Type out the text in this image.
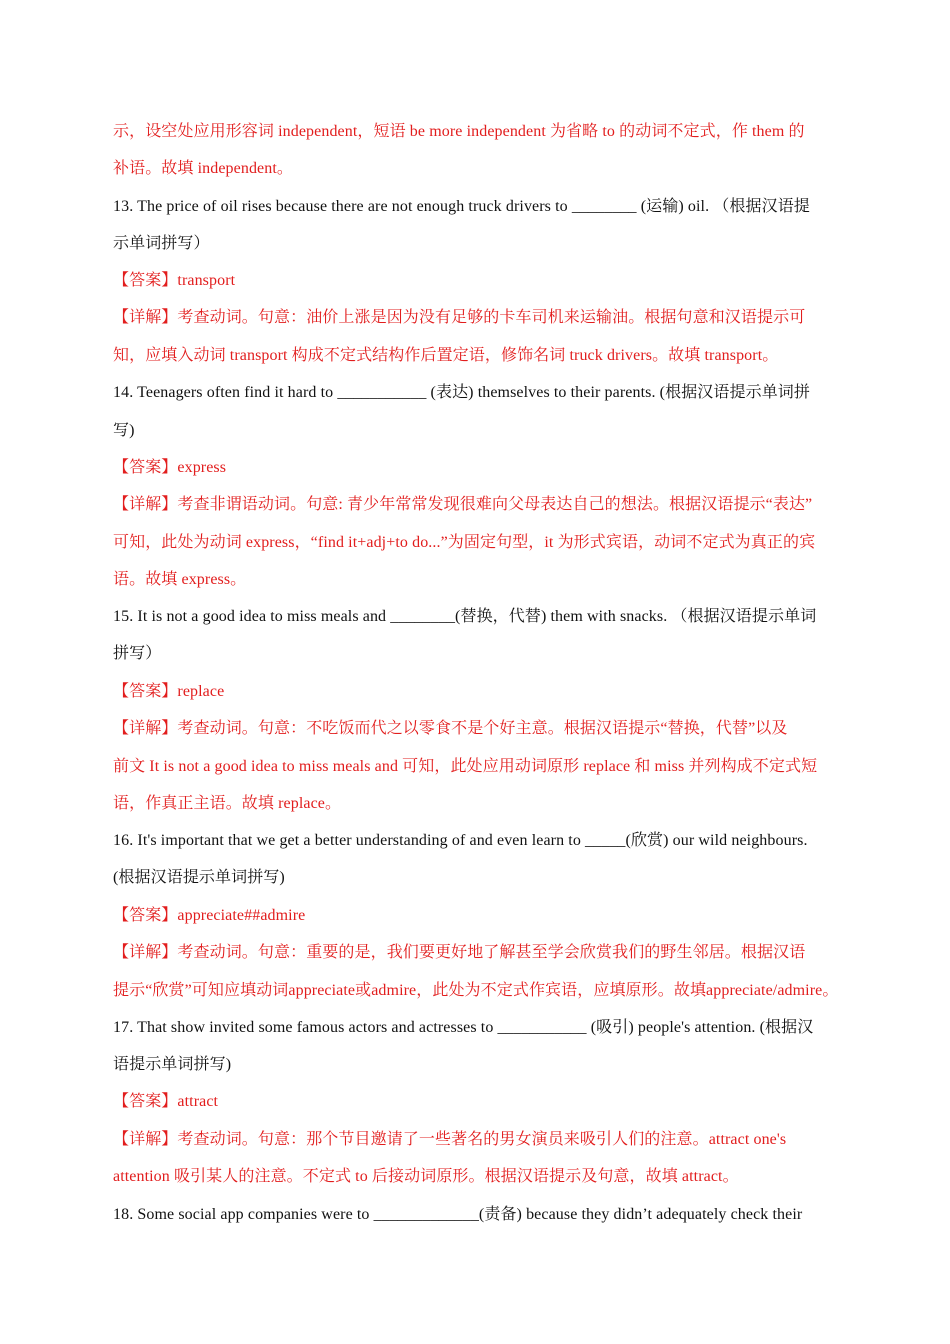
示，设空处应用形容词 independent，短语 be more independent 为省略 to 的动词不定式，作 them 的
补语。故填 independent。
13. The price of oil rises because there are not enough truck drivers to ________ (运输) oil. （根据汉语提
示单词拼写）
【答案】transport
【详解】考查动词。句意：油价上涨是因为没有足够的卡车司机来运输油。根据句意和汉语提示可
知，应填入动词 transport 构成不定式结构作后置定语，修饰名词 truck drivers。故填 transport。
14. Teenagers often find it hard to ___________ (表达) themselves to their parents. (根据汉语提示单词拼
写)
【答案】express
【详解】考查非谓语动词。句意: 青少年常常发现很难向父母表达自己的想法。根据汉语提示“表达”
可知，此处为动词 express，“find it+adj+to do...”为固定句型，it 为形式宾语，动词不定式为真正的宾
语。故填 express。
15. It is not a good idea to miss meals and ________(替换，代替) them with snacks. （根据汉语提示单词
拼写）
【答案】replace
【详解】考查动词。句意：不吃饭而代之以零食不是个好主意。根据汉语提示“替换，代替”以及
前文 It is not a good idea to miss meals and 可知，此处应用动词原形 replace 和 miss 并列构成不定式短
语，作真正主语。故填 replace。
16. It's important that we get a better understanding of and even learn to _____(欣赏) our wild neighbours.
(根据汉语提示单词拼写)
【答案】appreciate##admire
【详解】考查动词。句意：重要的是，我们要更好地了解甚至学会欣赏我们的野生邻居。根据汉语
提示“欣赏”可知应填动词appreciate或admire，此处为不定式作宾语，应填原形。故填appreciate/admire。
17. That show invited some famous actors and actresses to ___________ (吸引) people's attention. (根据汉
语提示单词拼写)
【答案】attract
【详解】考查动词。句意：那个节目邀请了一些著名的男女演员来吸引人们的注意。attract one's
attention 吸引某人的注意。不定式 to 后接动词原形。根据汉语提示及句意，故填 attract。
18. Some social app companies were to _____________(责备) because they didn’t adequately check their
